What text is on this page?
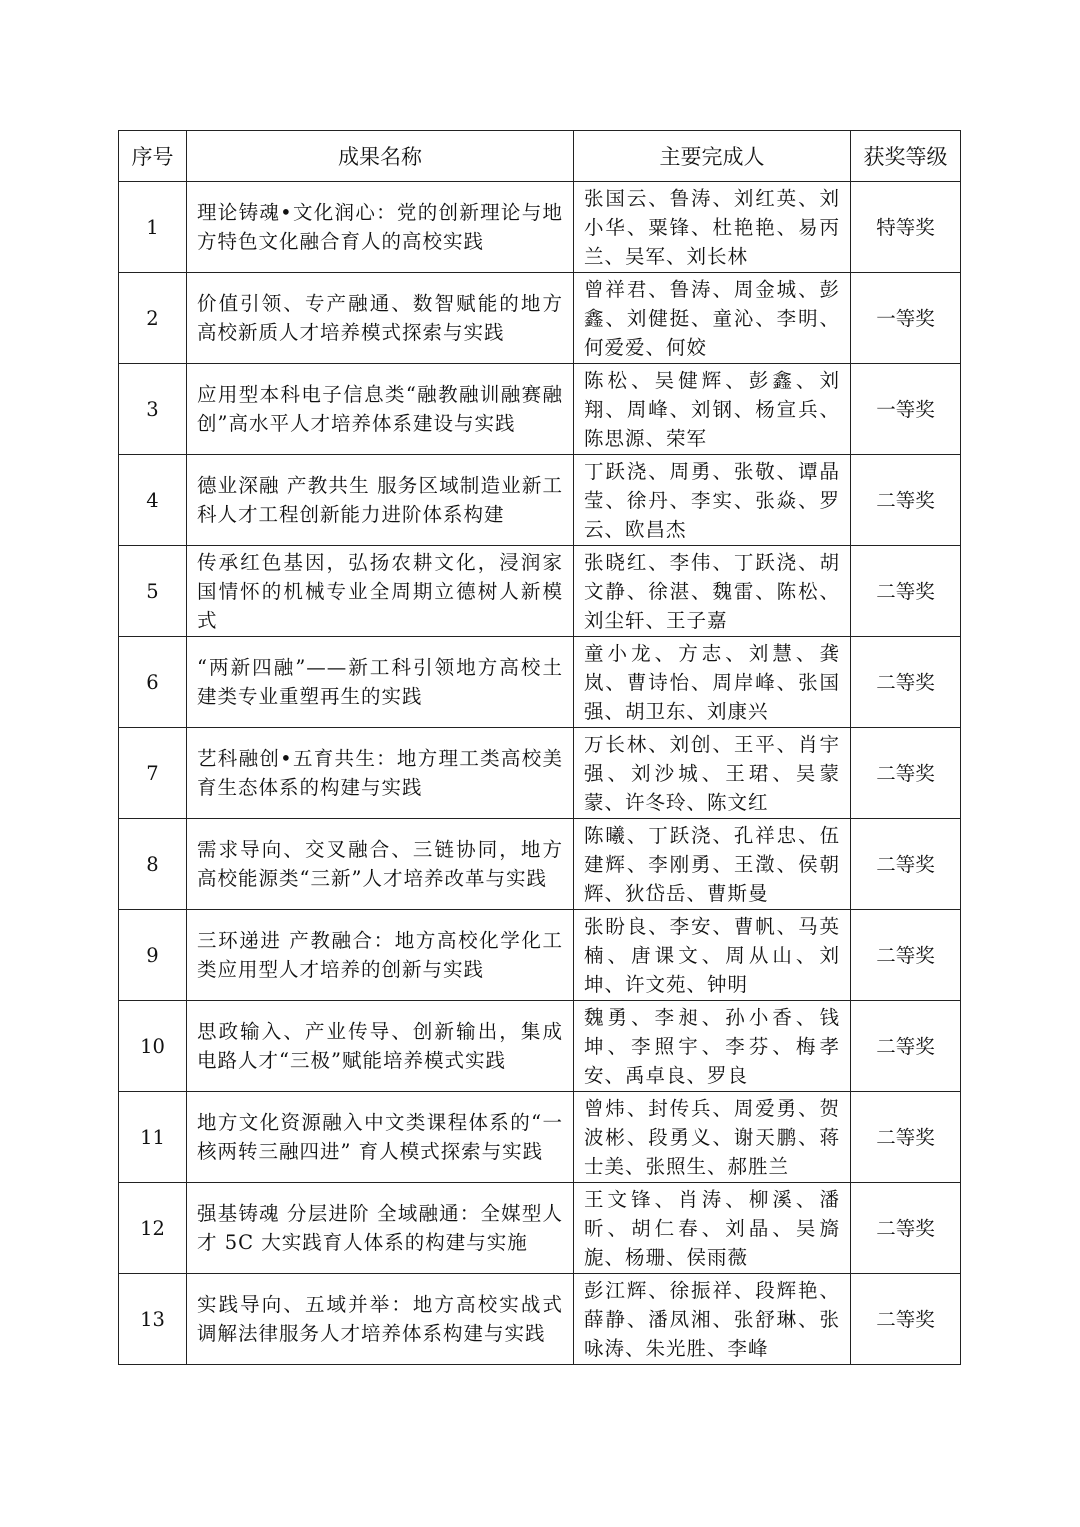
序号	成果名称	主要完成人	获奖等级
1	理论铸魂•文化润心：党的创新理论与地方特色文化融合育人的高校实践	张国云、鲁涛、刘红英、刘小华、粟锋、杜艳艳、易丙兰、吴军、刘长林	特等奖
2	价值引领、专产融通、数智赋能的地方高校新质人才培养模式探索与实践	曾祥君、鲁涛、周金城、彭鑫、刘健挺、童沁、李明、何爱爱、何姣	一等奖
3	应用型本科电子信息类“融教融训融赛融创”高水平人才培养体系建设与实践	陈松、吴健辉、彭鑫、刘翔、周峰、刘钢、杨宣兵、陈思源、荣军	一等奖
4	德业深融 产教共生 服务区域制造业新工科人才工程创新能力进阶体系构建	丁跃浇、周勇、张敬、谭晶莹、徐丹、李实、张焱、罗云、欧昌杰	二等奖
5	传承红色基因，弘扬农耕文化，浸润家国情怀的机械专业全周期立德树人新模式	张晓红、李伟、丁跃浇、胡文静、徐湛、魏雷、陈松、刘尘轩、王子嘉	二等奖
6	“两新四融”——新工科引领地方高校土建类专业重塑再生的实践	童小龙、方志、刘慧、龚岚、曹诗怡、周岸峰、张国强、胡卫东、刘康兴	二等奖
7	艺科融创•五育共生：地方理工类高校美育生态体系的构建与实践	万长林、刘创、王平、肖宇强、刘沙城、王珺、吴蒙蒙、许冬玲、陈文红	二等奖
8	需求导向、交叉融合、三链协同，地方高校能源类“三新”人才培养改革与实践	陈曦、丁跃浇、孔祥忠、伍建辉、李刚勇、王澂、侯朝辉、狄岱岳、曹斯曼	二等奖
9	三环递进 产教融合：地方高校化学化工类应用型人才培养的创新与实践	张盼良、李安、曹帆、马英楠、唐课文、周从山、刘坤、许文苑、钟明	二等奖
10	思政输入、产业传导、创新输出，集成电路人才“三极”赋能培养模式实践	魏勇、李昶、孙小香、钱坤、李照宇、李芬、梅孝安、禹卓良、罗良	二等奖
11	地方文化资源融入中文类课程体系的“一核两转三融四进” 育人模式探索与实践	曾炜、封传兵、周爱勇、贺波彬、段勇义、谢天鹏、蒋士美、张照生、郝胜兰	二等奖
12	强基铸魂 分层进阶 全域融通：全媒型人才 5C 大实践育人体系的构建与实施	王文锋、肖涛、柳溪、潘昕、胡仁春、刘晶、吴旖旎、杨珊、侯雨薇	二等奖
13	实践导向、五域并举：地方高校实战式调解法律服务人才培养体系构建与实践	彭江辉、徐振祥、段辉艳、薛静、潘凤湘、张舒琳、张咏涛、朱光胜、李峰	二等奖
